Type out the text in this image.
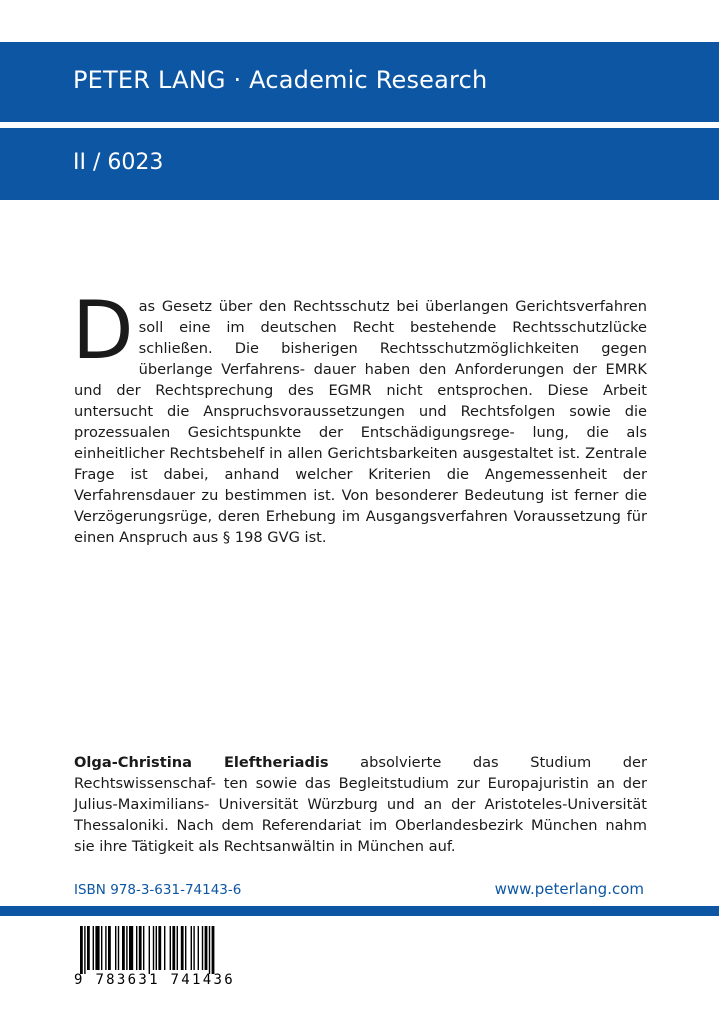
PETER LANG · Academic Research
II / 6023

D as Gesetz über den Rechtsschutz bei überlangen Gerichtsverfahren soll eine im deutschen Recht bestehende Rechtsschutzlücke schließen. Die bisherigen Rechtsschutzmöglichkeiten gegen überlange Verfahrens- dauer haben den Anforderungen der EMRK und der Rechtsprechung des EGMR nicht entsprochen. Diese Arbeit untersucht die Anspruchsvoraussetzungen und Rechtsfolgen sowie die prozessualen Gesichtspunkte der Entschädigungsrege- lung, die als einheitlicher Rechtsbehelf in allen Gerichtsbarkeiten ausgestaltet ist. Zentrale Frage ist dabei, anhand welcher Kriterien die Angemessenheit der Verfahrensdauer zu bestimmen ist. Von besonderer Bedeutung ist ferner die Verzögerungsrüge, deren Erhebung im Ausgangsverfahren Voraussetzung für einen Anspruch aus § 198 GVG ist.

Olga-Christina Eleftheriadis absolvierte das Studium der Rechtswissenschaf- ten sowie das Begleitstudium zur Europajuristin an der Julius-Maximilians- Universität Würzburg und an der Aristoteles-Universität Thessaloniki. Nach dem Referendariat im Oberlandesbezirk München nahm sie ihre Tätigkeit als Rechtsanwältin in München auf.

ISBN 978-3-631-74143-6	www.peterlang.com
9 783631 741436
